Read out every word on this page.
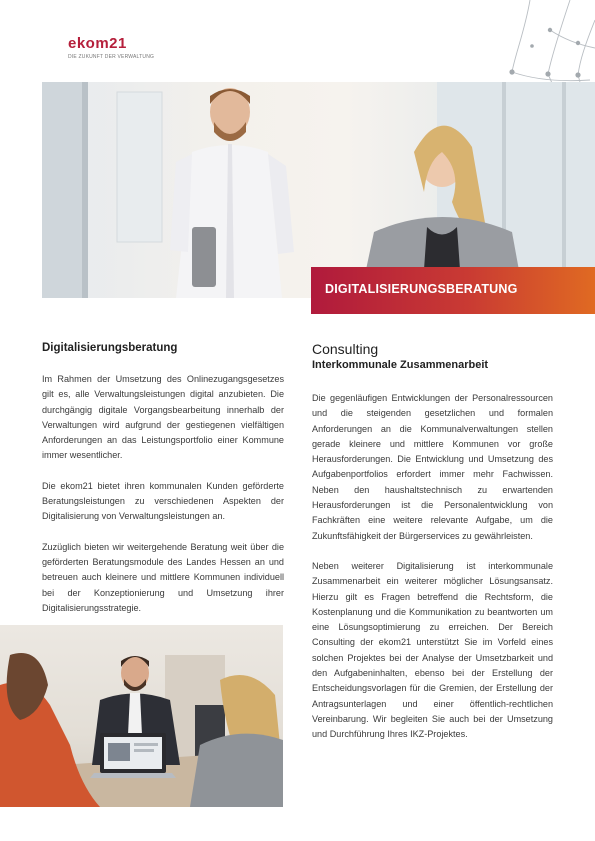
ekom21
DIE ZUKUNFT DER VERWALTUNG
DIGITALISIERUNGSBERATUNG
Digitalisierungsberatung

Im Rahmen der Umsetzung des Onlinezugangsgesetzes gilt es, alle Verwaltungsleistungen digital anzubieten. Die durchgängig digitale Vorgangsbearbeitung innerhalb der Verwaltungen wird aufgrund der gestiegenen vielfältigen Anforderungen an das Leistungsportfolio einer Kommune immer wesentlicher.

Die ekom21 bietet ihren kommunalen Kunden geförderte Beratungsleistungen zu verschiedenen Aspekten der Digitalisierung von Verwaltungsleistungen an.

Zuzüglich bieten wir weitergehende Beratung weit über die geförderten Beratungsmodule des Landes Hessen an und betreuen auch kleinere und mittlere Kommunen individuell bei der Konzeptionierung und Umsetzung ihrer Digitalisierungsstrategie.

Consulting
Interkommunale Zusammenarbeit

Die gegenläufigen Entwicklungen der Personalressourcen und die steigenden gesetzlichen und formalen Anforderungen an die Kommunalverwaltungen stellen gerade kleinere und mittlere Kommunen vor große Herausforderungen. Die Entwicklung und Umsetzung des Aufgabenportfolios erfordert immer mehr Fachwissen. Neben den haushaltstechnisch zu erwartenden Herausforderungen ist die Personalentwicklung von Fachkräften eine weitere relevante Aufgabe, um die Zukunftsfähigkeit der Bürgerservices zu gewährleisten.

Neben weiterer Digitalisierung ist interkommunale Zusammenarbeit ein weiterer möglicher Lösungsansatz. Hierzu gilt es Fragen betreffend die Rechtsform, die Kostenplanung und die Kommunikation zu beantworten um eine Lösungsoptimierung zu erreichen. Der Bereich Consulting der ekom21 unterstützt Sie im Vorfeld eines solchen Projektes bei der Analyse der Umsetzbarkeit und den Aufgabeninhalten, ebenso bei der Erstellung der Entscheidungsvorlagen für die Gremien, der Erstellung der Antragsunterlagen und einer öffentlich-rechtlichen Vereinbarung. Wir begleiten Sie auch bei der Umsetzung und Durchführung Ihres IKZ-Projektes.
